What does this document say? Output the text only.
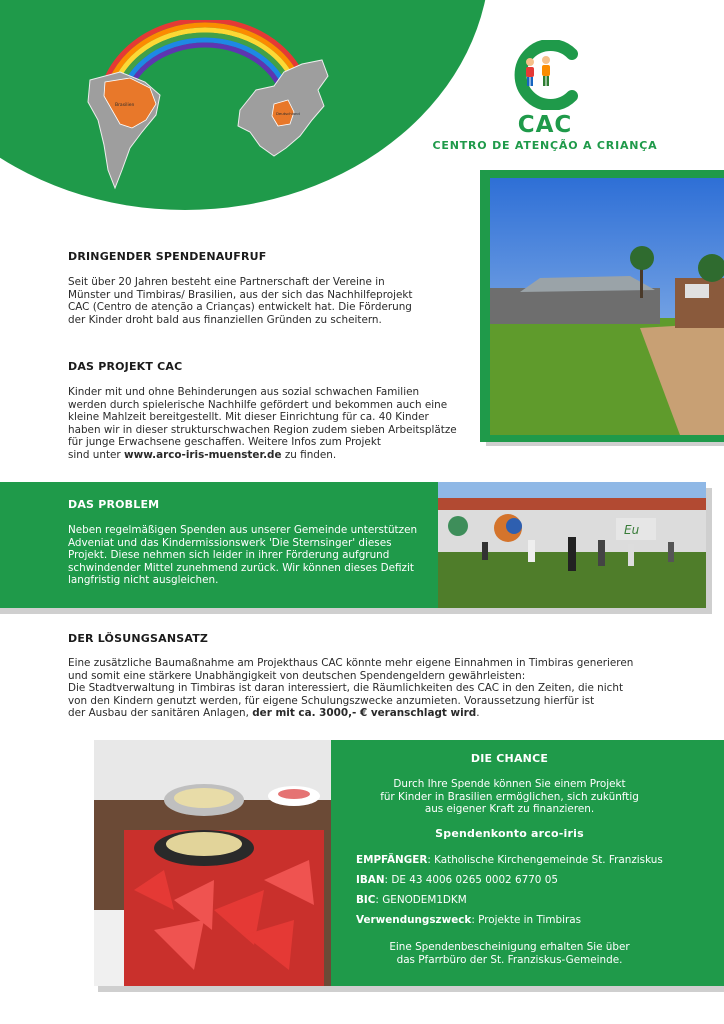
Brasilien
Deutschland	CAC
CENTRO DE ATENÇÃO A CRIANÇA
DRINGENDER SPENDENAUFRUF
Seit über 20 Jahren besteht eine Partnerschaft der Vereine in
Münster und Timbiras/ Brasilien, aus der sich das Nachhilfeprojekt
CAC (Centro de atenção a Crianças) entwickelt hat. Die Förderung
der Kinder droht bald aus finanziellen Gründen zu scheitern.
DAS PROJEKT CAC
Kinder mit und ohne Behinderungen aus sozial schwachen Familien
werden durch spielerische Nachhilfe gefördert und bekommen auch eine
kleine Mahlzeit bereitgestellt. Mit dieser Einrichtung für ca. 40 Kinder
haben wir in dieser strukturschwachen Region zudem sieben Arbeitsplätze
für junge Erwachsene geschaffen. Weitere Infos zum Projekt
sind unter www.arco-iris-muenster.de zu finden.
DAS PROBLEM
Neben regelmäßigen Spenden aus unserer Gemeinde unterstützen
Adveniat und das Kindermissionswerk 'Die Sternsinger' dieses
Projekt. Diese nehmen sich leider in ihrer Förderung aufgrund
schwindender Mittel zunehmend zurück. Wir können dieses Defizit
langfristig nicht ausgleichen.
Eu
DER LÖSUNGSANSATZ
Eine zusätzliche Baumaßnahme am Projekthaus CAC könnte mehr eigene Einnahmen in Timbiras generieren
und somit eine stärkere Unabhängigkeit von deutschen Spendengeldern gewährleisten:
Die Stadtverwaltung in Timbiras ist daran interessiert, die Räumlichkeiten des CAC in den Zeiten, die nicht
von den Kindern genutzt werden, für eigene Schulungszwecke anzumieten. Voraussetzung hierfür ist
der Ausbau der sanitären Anlagen, der mit ca. 3000,- € veranschlagt wird.
DIE CHANCE
Durch Ihre Spende können Sie einem Projekt
für Kinder in Brasilien ermöglichen, sich zukünftig
aus eigener Kraft zu finanzieren.
Spendenkonto arco-iris
EMPFÄNGER: Katholische Kirchengemeinde St. Franziskus
IBAN: DE 43 4006 0265 0002 6770 05
BIC: GENODEM1DKM
Verwendungszweck: Projekte in Timbiras
Eine Spendenbescheinigung erhalten Sie über
das Pfarrbüro der St. Franziskus-Gemeinde.
